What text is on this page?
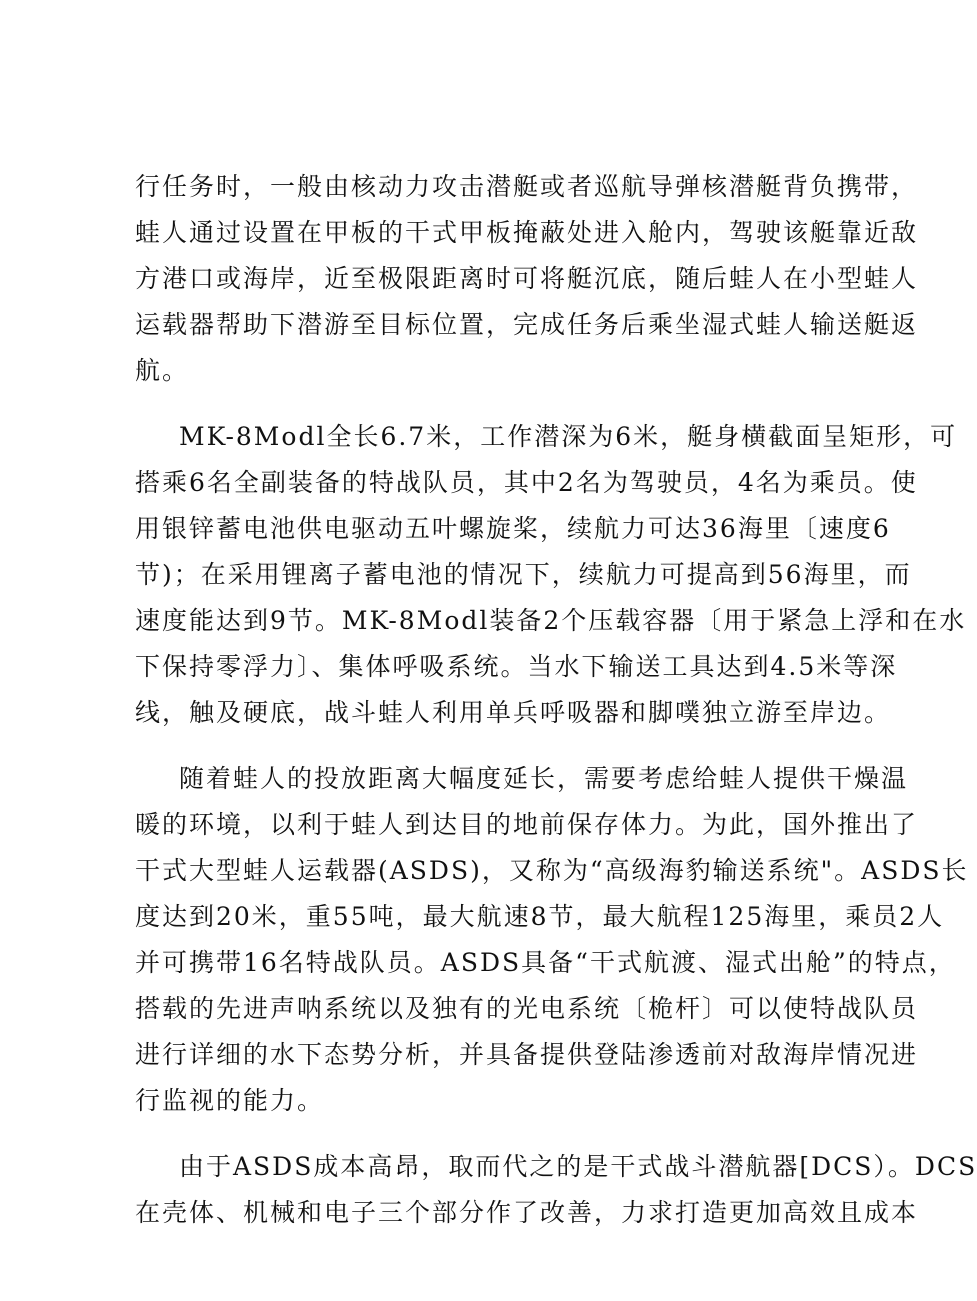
行任务时，一般由核动力攻击潜艇或者巡航导弹核潜艇背负携带，
蛙人通过设置在甲板的干式甲板掩蔽处进入舱内，驾驶该艇靠近敌
方港口或海岸，近至极限距离时可将艇沉底，随后蛙人在小型蛙人
运载器帮助下潜游至目标位置，完成任务后乘坐湿式蛙人输送艇返
航。
MK-8Modl全长6.7米，工作潜深为6米，艇身横截面呈矩形，可
搭乘6名全副装备的特战队员，其中2名为驾驶员，4名为乘员。使
用银锌蓄电池供电驱动五叶螺旋桨，续航力可达36海里〔速度6
节)；在采用锂离子蓄电池的情况下，续航力可提高到56海里，而
速度能达到9节。MK-8Modl装备2个压载容器〔用于紧急上浮和在水
下保持零浮力〕、集体呼吸系统。当水下输送工具达到4.5米等深
线，触及硬底，战斗蛙人利用单兵呼吸器和脚噗独立游至岸边。
随着蛙人的投放距离大幅度延长，需要考虑给蛙人提供干燥温
暖的环境，以利于蛙人到达目的地前保存体力。为此，国外推出了
干式大型蛙人运载器(ASDS)，又称为“高级海豹输送系统"。ASDS长
度达到20米，重55吨，最大航速8节，最大航程125海里，乘员2人
并可携带16名特战队员。ASDS具备“干式航渡、湿式出舱”的特点，
搭载的先进声呐系统以及独有的光电系统〔桅杆〕可以使特战队员
进行详细的水下态势分析，并具备提供登陆渗透前对敌海岸情况进
行监视的能力。
由于ASDS成本高昂，取而代之的是干式战斗潜航器[DCS）。DCS
在壳体、机械和电子三个部分作了改善，力求打造更加高效且成本
